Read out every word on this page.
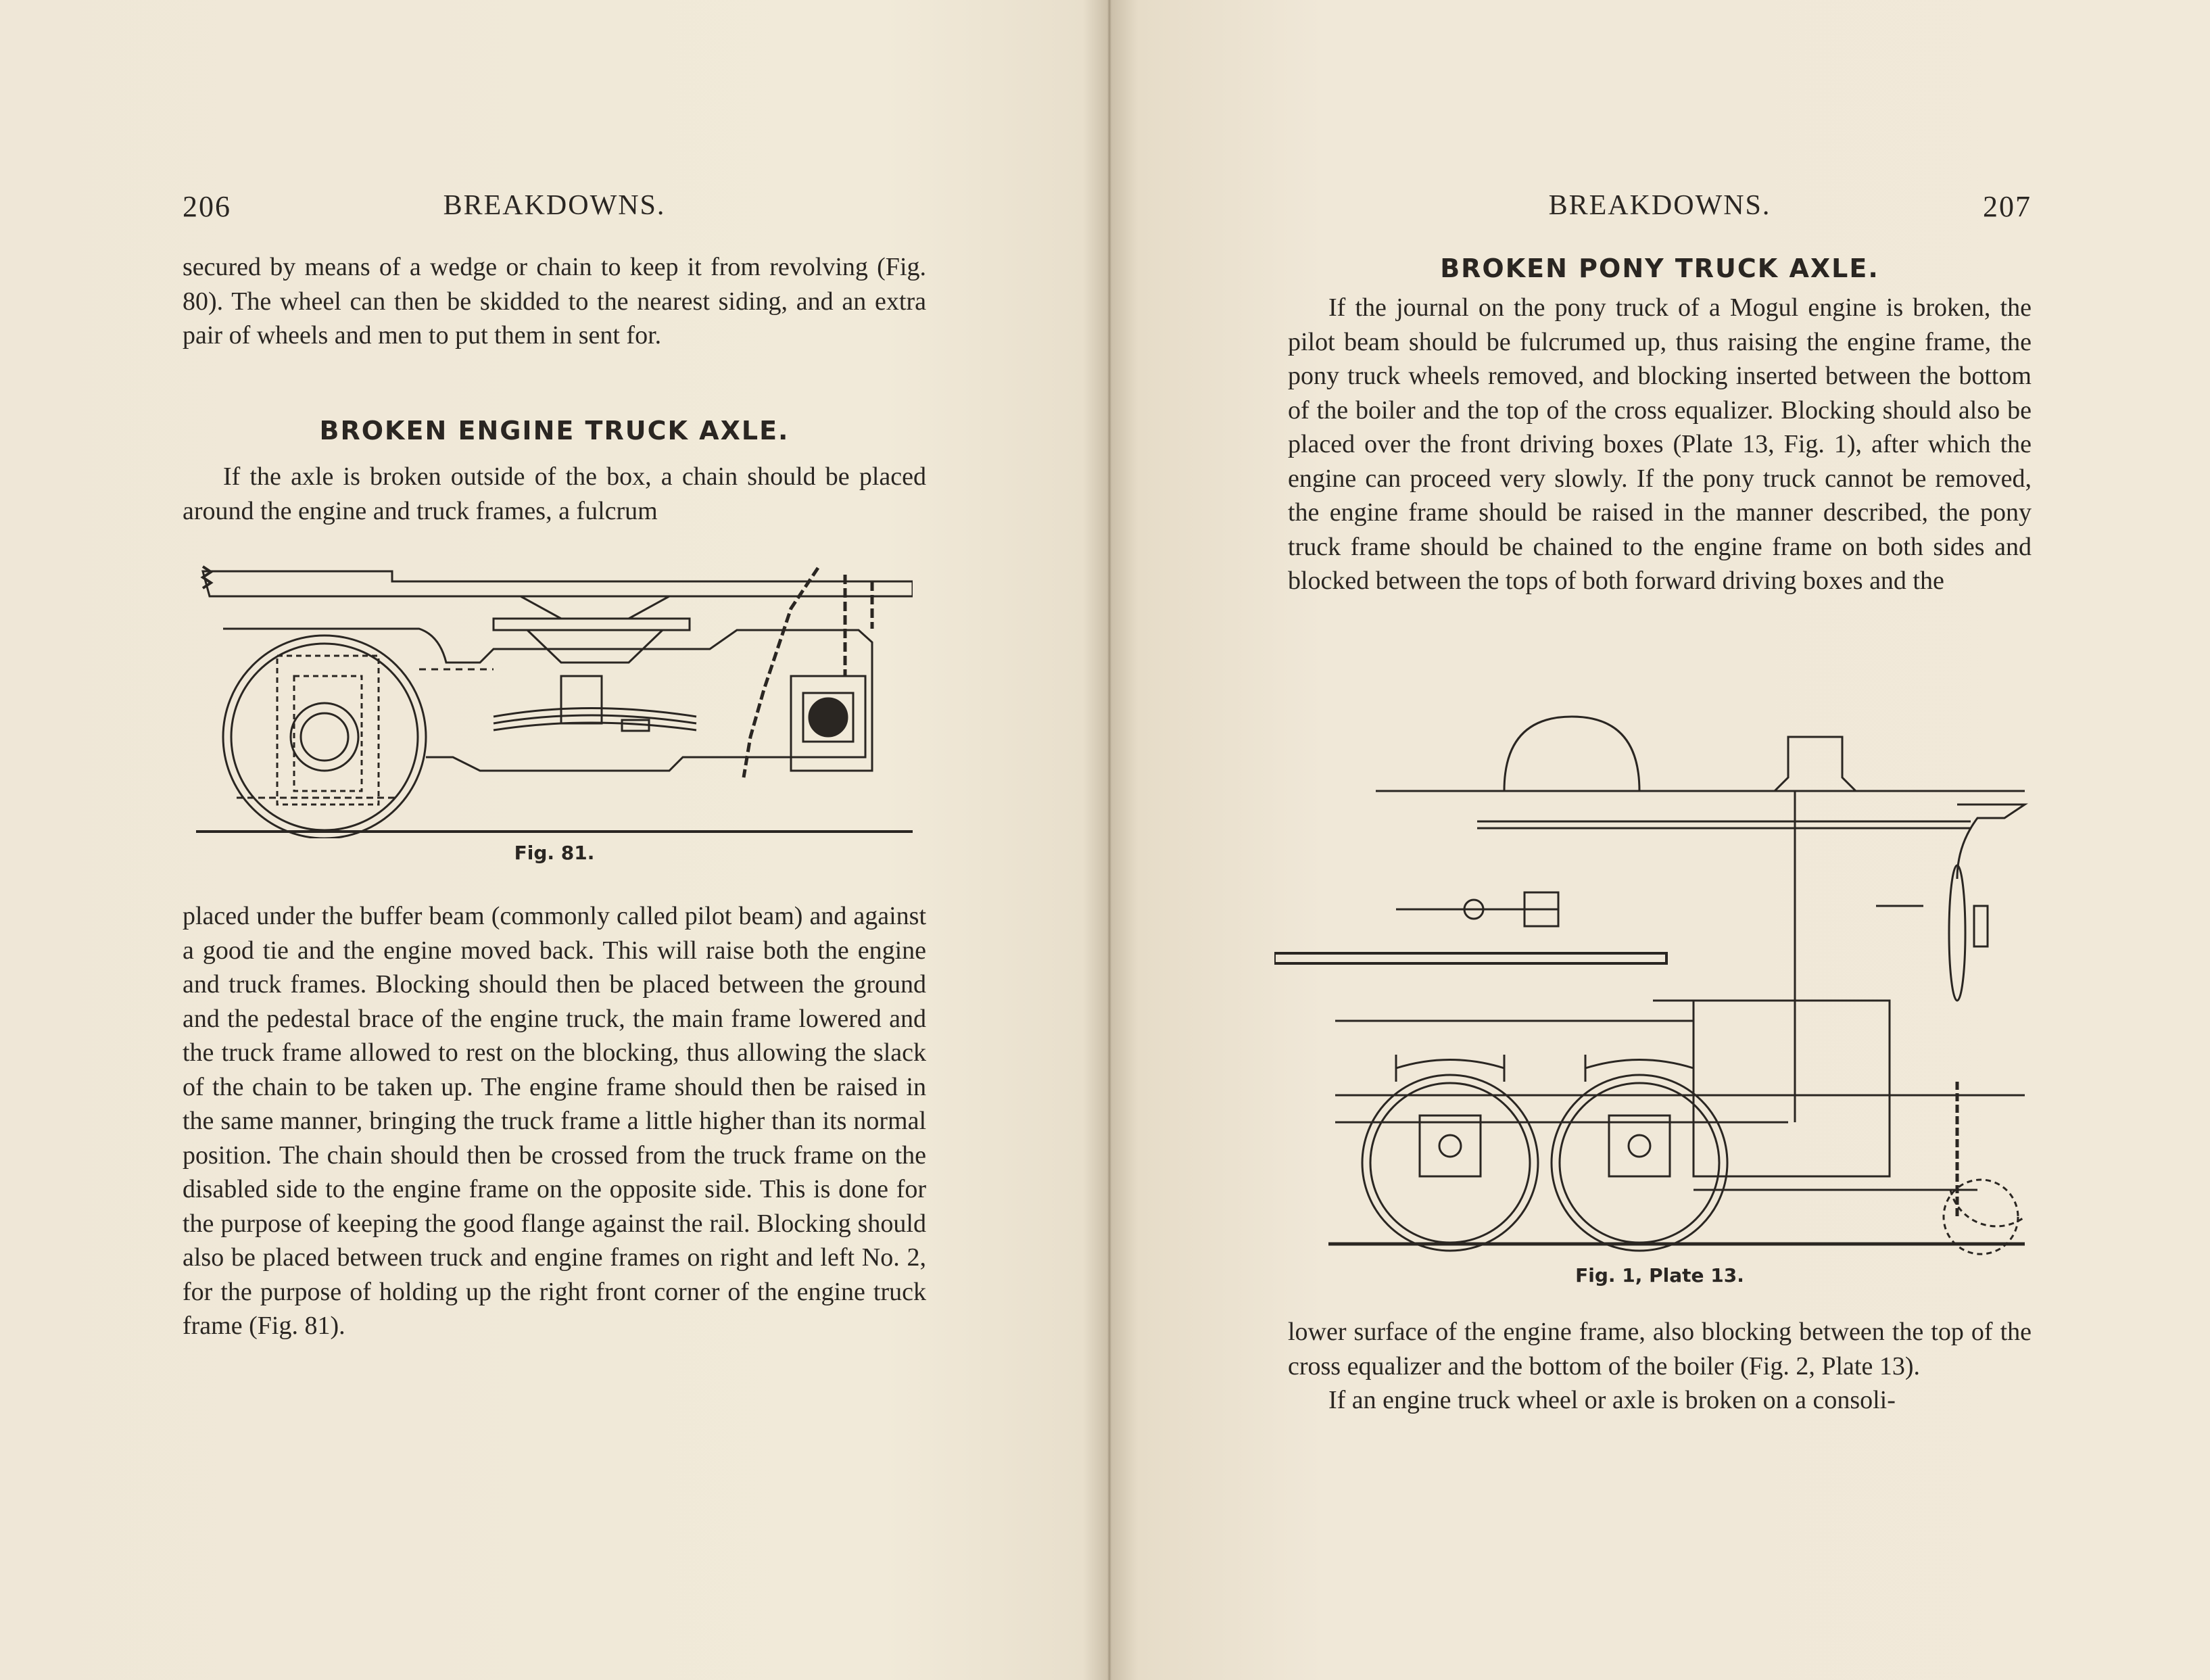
206	BREAKDOWNS.

secured by means of a wedge or chain to keep it from revolving (Fig. 80). The wheel can then be skidded to the nearest siding, and an extra pair of wheels and men to put them in sent for.

BROKEN ENGINE TRUCK AXLE.

If the axle is broken outside of the box, a chain should be placed around the engine and truck frames, a fulcrum

Fig. 81.

placed under the buffer beam (commonly called pilot beam) and against a good tie and the engine moved back. This will raise both the engine and truck frames. Blocking should then be placed between the ground and the pedestal brace of the engine truck, the main frame lowered and the truck frame allowed to rest on the blocking, thus allowing the slack of the chain to be taken up. The engine frame should then be raised in the same manner, bringing the truck frame a little higher than its normal position. The chain should then be crossed from the truck frame on the disabled side to the engine frame on the opposite side. This is done for the purpose of keeping the good flange against the rail. Blocking should also be placed between truck and engine frames on right and left No. 2, for the purpose of holding up the right front corner of the engine truck frame (Fig. 81).

BREAKDOWNS.	207
BROKEN PONY TRUCK AXLE.

If the journal on the pony truck of a Mogul engine is broken, the pilot beam should be fulcrumed up, thus raising the engine frame, the pony truck wheels removed, and blocking inserted between the bottom of the boiler and the top of the cross equalizer. Blocking should also be placed over the front driving boxes (Plate 13, Fig. 1), after which the engine can proceed very slowly. If the pony truck cannot be removed, the engine frame should be raised in the manner described, the pony truck frame should be chained to the engine frame on both sides and blocked between the tops of both forward driving boxes and the

Fig. 1, Plate 13.

lower surface of the engine frame, also blocking between the top of the cross equalizer and the bottom of the boiler (Fig. 2, Plate 13).

If an engine truck wheel or axle is broken on a consoli-
